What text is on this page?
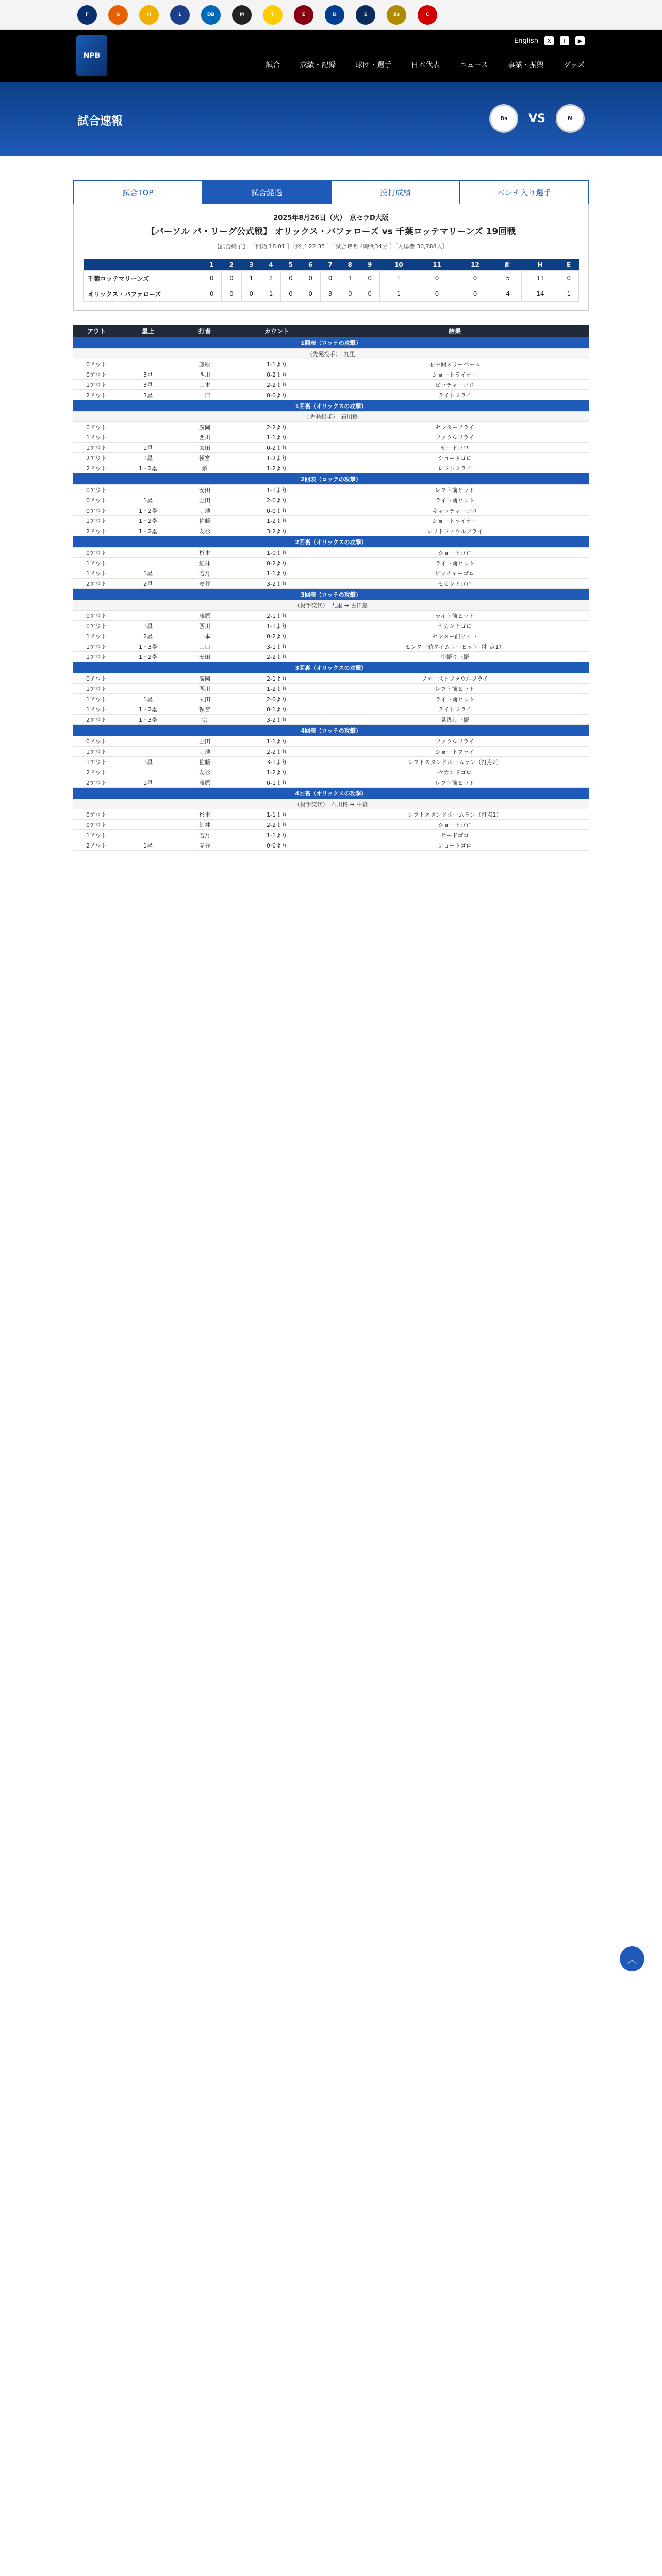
F	G	H	L	DB	M	T	E	D	S	Bs	C
NPB
English	X	f	▶
試合	成績・記録	球団・選手	日本代表	ニュース	事業・振興	グッズ
試合速報	Bs	VS	M
試合TOP	試合経過	投打成績	ベンチ入り選手
2025年8月26日（火）　京セラD大阪
【パーソル パ・リーグ公式戦】 オリックス・バファローズ vs 千葉ロッテマリーンズ 19回戦
【試合終了】 ［開始 18:01 ］［終了 22:35 ］［試合時間 4時間34分 ］［入場者 30,788人］
	1	2	3	4	5	6	7	8	9	10	11	12	計	H	E
千葉ロッテマリーンズ	0	0	1	2	0	0	0	1	0	1	0	0	5	11	0
オリックス・バファローズ	0	0	0	1	0	0	3	0	0	1	0	0	4	14	1
アウト	塁上	打者	カウント	結果
1回表（ロッテの攻撃）				
（先発投手）　九里				
0アウト		藤原	1-1より	右中間スリーベース
0アウト	3塁	西川	0-2より	ショートライナー
1アウト	3塁	山本	2-2より	ピッチャーゴロ
2アウト	3塁	山口	0-0より	ライトフライ
1回裏（オリックスの攻撃）				
（先発投手）　石川柊				
0アウト		廣岡	2-2より	センターフライ
1アウト		西川	1-1より	ファウルフライ
1アウト	1塁	太田	0-2より	サードゴロ
2アウト	1塁	頓宮	1-2より	ショートゴロ
2アウト	1・2塁	宗	1-2より	レフトフライ
2回表（ロッテの攻撃）				
0アウト		安田	1-1より	レフト前ヒット
0アウト	1塁	上田	2-0より	ライト前ヒット
0アウト	1・2塁	寺地	0-0より	キャッチャーゴロ
1アウト	1・2塁	佐藤	1-2より	ショートライナー
2アウト	1・2塁	友杉	3-2より	レフトファウルフライ
2回裏（オリックスの攻撃）				
0アウト		杉本	1-0より	ショートゴロ
1アウト		紅林	0-2より	ライト前ヒット
1アウト	1塁	若月	1-1より	ピッチャーゴロ
2アウト	2塁	麦谷	3-2より	セカンドゴロ
3回表（ロッテの攻撃）				
（投手交代）　九里 → 古田島				
0アウト		藤原	2-1より	ライト前ヒット
0アウト	1塁	西川	1-1より	セカンドゴロ
1アウト	2塁	山本	0-2より	センター前ヒット
1アウト	1・3塁	山口	3-1より	センター前タイムリーヒット（打点1）
1アウト	1・2塁	安田	2-2より	空振り三振
3回裏（オリックスの攻撃）				
0アウト		廣岡	2-1より	ファーストファウルフライ
1アウト		西川	1-2より	レフト前ヒット
1アウト	1塁	太田	2-0より	ライト前ヒット
1アウト	1・2塁	頓宮	0-1より	ライトフライ
2アウト	1・3塁	宗	3-2より	見逃し三振
4回表（ロッテの攻撃）				
0アウト		上田	1-1より	ファウルフライ
1アウト		寺地	2-2より	ショートフライ
1アウト	1塁	佐藤	3-1より	レフトスタンドホームラン（打点2）
2アウト		友杉	1-2より	セカンドゴロ
2アウト	1塁	藤原	0-1より	レフト前ヒット
4回裏（オリックスの攻撃）				
（投手交代）　石川柊 → 中森				
0アウト		杉本	1-1より	レフトスタンドホームラン（打点1）
0アウト		紅林	2-2より	ショートゴロ
1アウト		若月	1-1より	サードゴロ
2アウト	1塁	麦谷	0-0より	ショートゴロ
︿
